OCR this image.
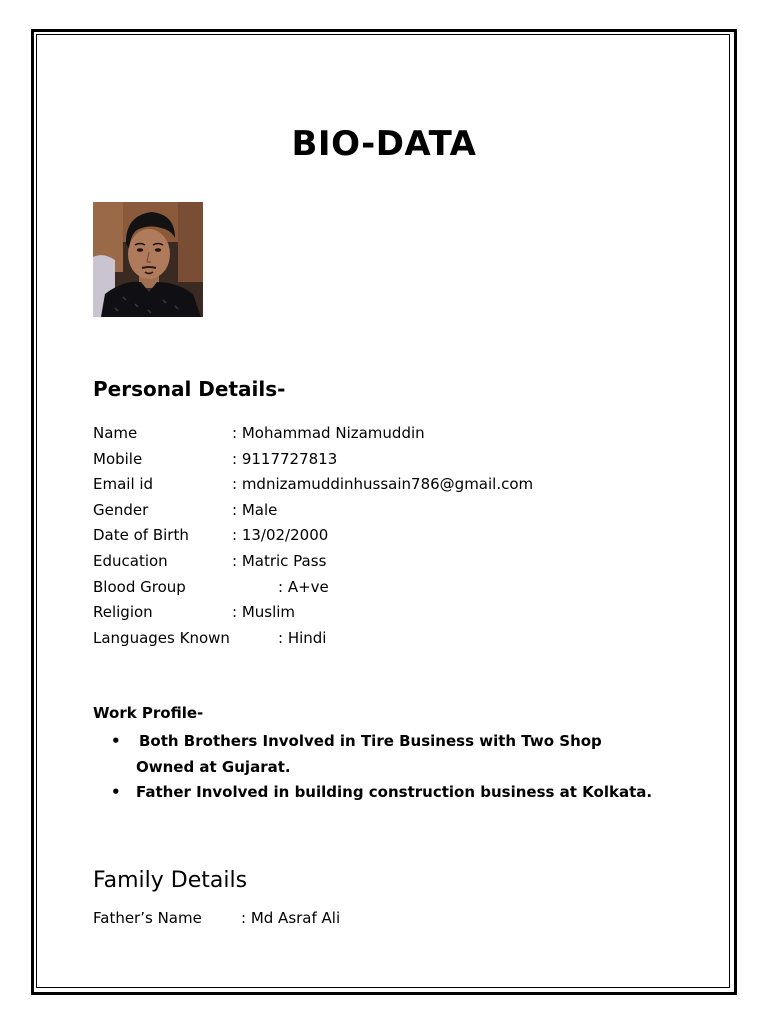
BIO-DATA
Personal Details-
Name	: Mohammad Nizamuddin
Mobile	: 9117727813
Email id	: mdnizamuddinhussain786@gmail.com
Gender	: Male
Date of Birth	: 13/02/2000
Education	: Matric Pass
Blood Group	: A+ve
Religion	: Muslim
Languages Known	: Hindi
Work Profile-
• Both Brothers Involved in Tire Business with Two Shop
Owned at Gujarat.
• Father Involved in building construction business at Kolkata.
Family Details
Father’s Name	: Md Asraf Ali
